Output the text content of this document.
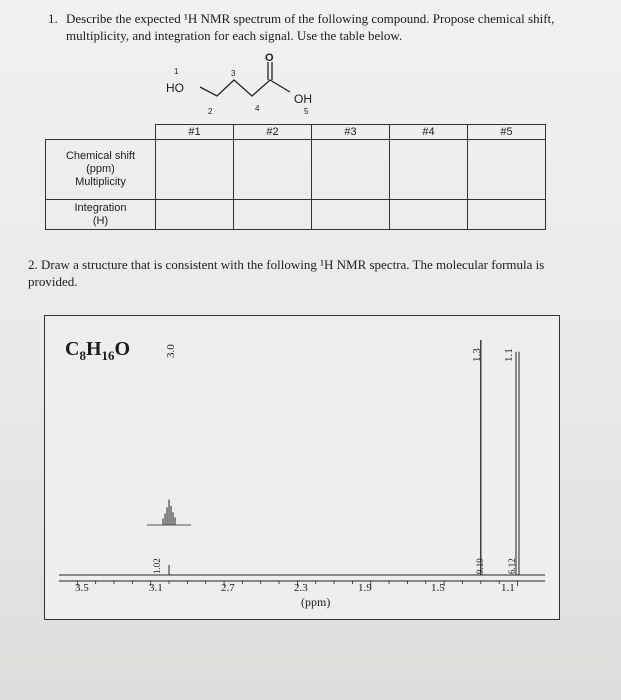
1. Describe the expected ¹H NMR spectrum of the following compound. Propose chemical shift, multiplicity, and integration for each signal. Use the table below.
O
HO
OH
1
2
3
4	5
	#1	#2	#3	#4	#5

Chemical shift
(ppm)
Multiplicity					

Integration
(H)					

2. Draw a structure that is consistent with the following ¹H NMR spectra. The molecular formula is provided.
$C_8H_{16}O$	3.0	1.3 1.1
1.02	9.19 6.12
3.5	3.1	2.7	2.3	1.9	1.5	1.1
(ppm)
